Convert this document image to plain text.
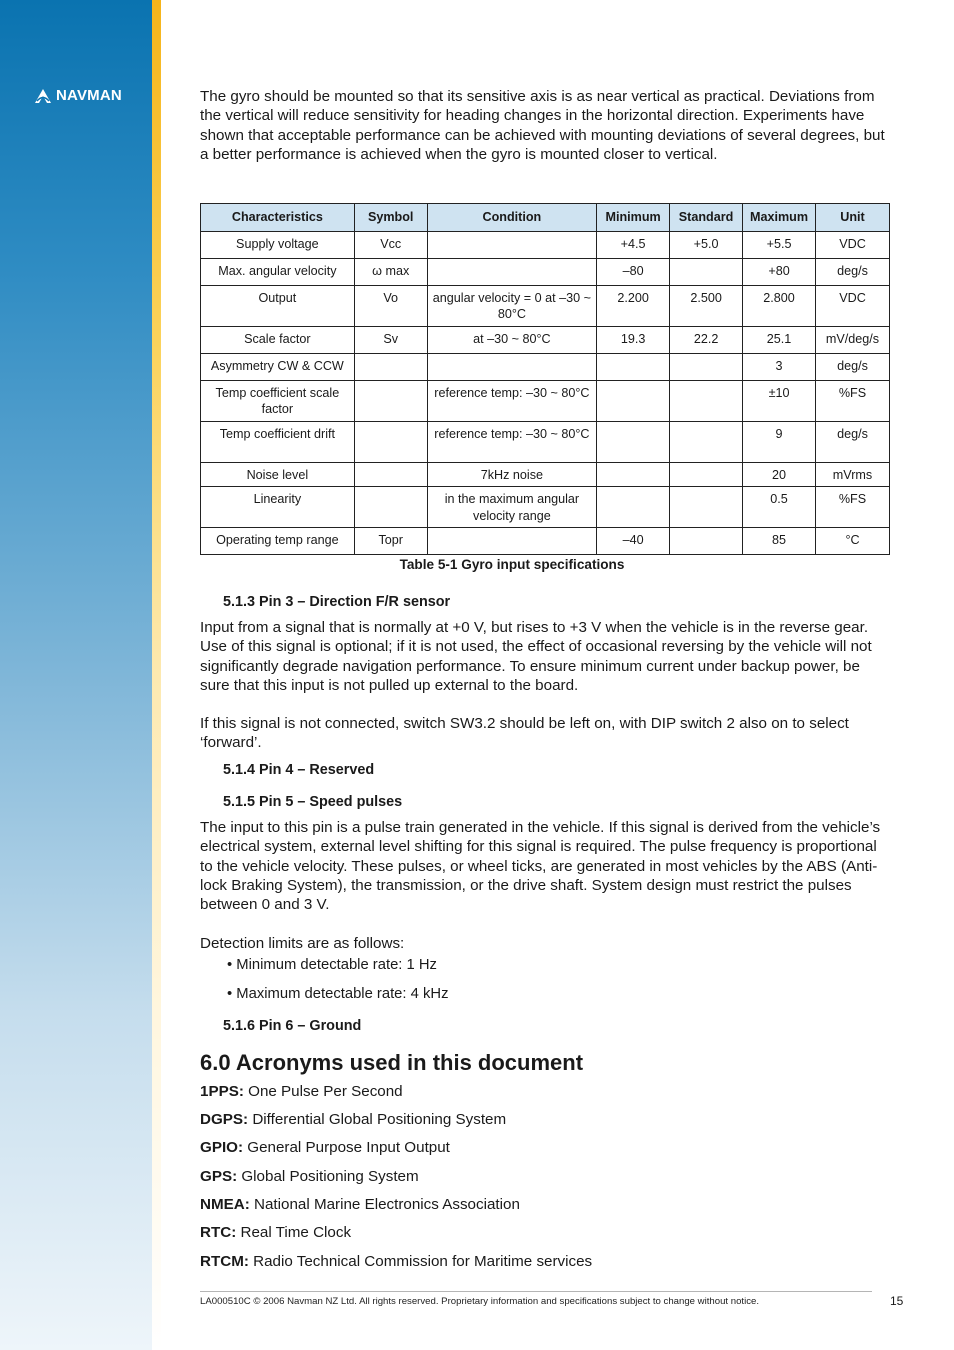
NAVMAN	The gyro should be mounted so that its sensitive axis is as near vertical as practical. Deviations from the vertical will reduce sensitivity for heading changes in the horizontal direction. Experiments have shown that acceptable performance can be achieved with mounting deviations of several degrees, but a better performance is achieved when the gyro is mounted closer to vertical.

Characteristics	Symbol	Condition	Minimum	Standard	Maximum	Unit
Supply voltage	Vcc		+4.5	+5.0	+5.5	VDC
Max. angular velocity	ω max		–80		+80	deg/s
Output	Vo	angular velocity = 0 at –30 ~ 80°C	2.200	2.500	2.800	VDC
Scale factor	Sv	at –30 ~ 80°C	19.3	22.2	25.1	mV/deg/s
Asymmetry CW & CCW					3	deg/s
Temp coefficient scale factor		reference temp: –30 ~ 80°C			±10	%FS
Temp coefficient drift		reference temp: –30 ~ 80°C			9	deg/s
Noise level		7kHz noise			20	mVrms
Linearity		in the maximum angular velocity range			0.5	%FS
Operating temp range	Topr		–40		85	°C
Table 5-1 Gyro input specifications
5.1.3 Pin 3 – Direction F/R sensor
Input from a signal that is normally at +0 V, but rises to +3 V when the vehicle is in the reverse gear. Use of this signal is optional; if it is not used, the effect of occasional reversing by the vehicle will not significantly degrade navigation performance. To ensure minimum current under backup power, be sure that this input is not pulled up external to the board.
If this signal is not connected, switch SW3.2 should be left on, with DIP switch 2 also on to select ‘forward’.
5.1.4 Pin 4 – Reserved
5.1.5 Pin 5 – Speed pulses
The input to this pin is a pulse train generated in the vehicle. If this signal is derived from the vehicle’s electrical system, external level shifting for this signal is required. The pulse frequency is proportional to the vehicle velocity. These pulses, or wheel ticks, are generated in most vehicles by the ABS (Anti-lock Braking System), the transmission, or the drive shaft. System design must restrict the pulses between 0 and 3 V.
Detection limits are as follows:
• Minimum detectable rate: 1 Hz
• Maximum detectable rate: 4 kHz
5.1.6 Pin 6 – Ground
6.0 Acronyms used in this document
1PPS: One Pulse Per Second
DGPS: Differential Global Positioning System
GPIO: General Purpose Input Output
GPS: Global Positioning System
NMEA: National Marine Electronics Association
RTC: Real Time Clock
RTCM: Radio Technical Commission for Maritime services
LA000510C © 2006 Navman NZ Ltd. All rights reserved. Proprietary information and specifications subject to change without notice.	15
